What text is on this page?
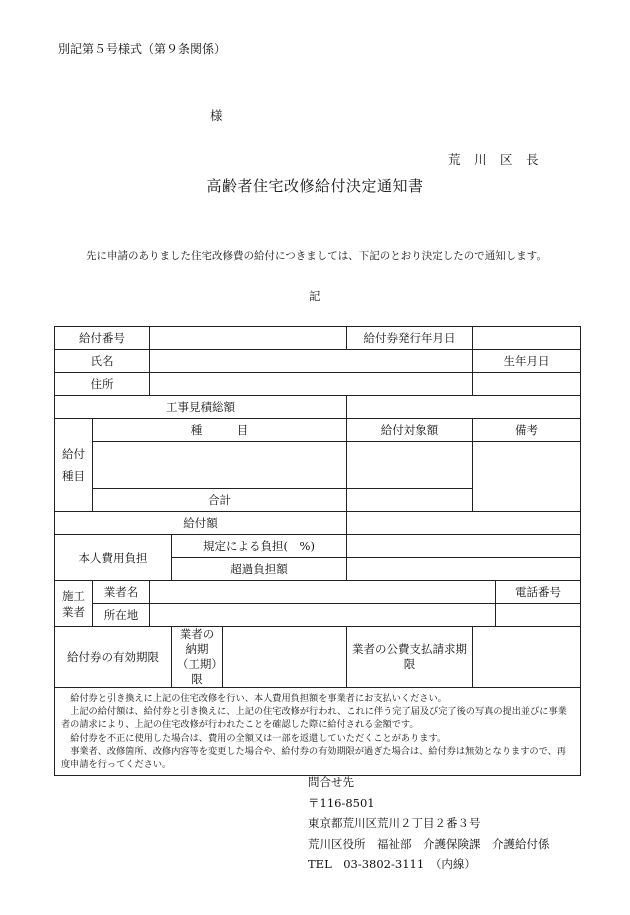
別記第５号様式（第９条関係）
様
荒　川　区　長
高齢者住宅改修給付決定通知書
先に申請のありました住宅改修費の給付につきましては、下記のとおり決定したので通知します。
記
給付番号					給付券発行年月日		
氏名						生年月日	
住所							
工事見積総額							
給付種目	種　　　目				給付対象額	備考	

	合計						
給付額							
本人費用負担			規定による負担(　%)				
			超過負担額				
施工業者	業者名						電話番号
	所在地						
給付券の有効期限			業者の納期（工期）限		業者の公費支払請求期限		

給付券と引き換えに上記の住宅改修を行い、本人費用負担額を事業者にお支払いください。

上記の給付額は、給付券と引き換えに、上記の住宅改修が行われ、これに伴う完了届及び完了後の写真の提出並びに事業者の請求により、上記の住宅改修が行われたことを確認した際に給付される金額です。

給付券を不正に使用した場合は、費用の全額又は一部を返還していただくことがあります。

事業者、改修箇所、改修内容等を変更した場合や、給付券の有効期限が過ぎた場合は、給付券は無効となりますので、再度申請を行ってください。							

問合せ先
〒116-8501
東京都荒川区荒川２丁目２番３号
荒川区役所　福祉部　介護保険課　介護給付係
TEL　03-3802-3111　（内線）
